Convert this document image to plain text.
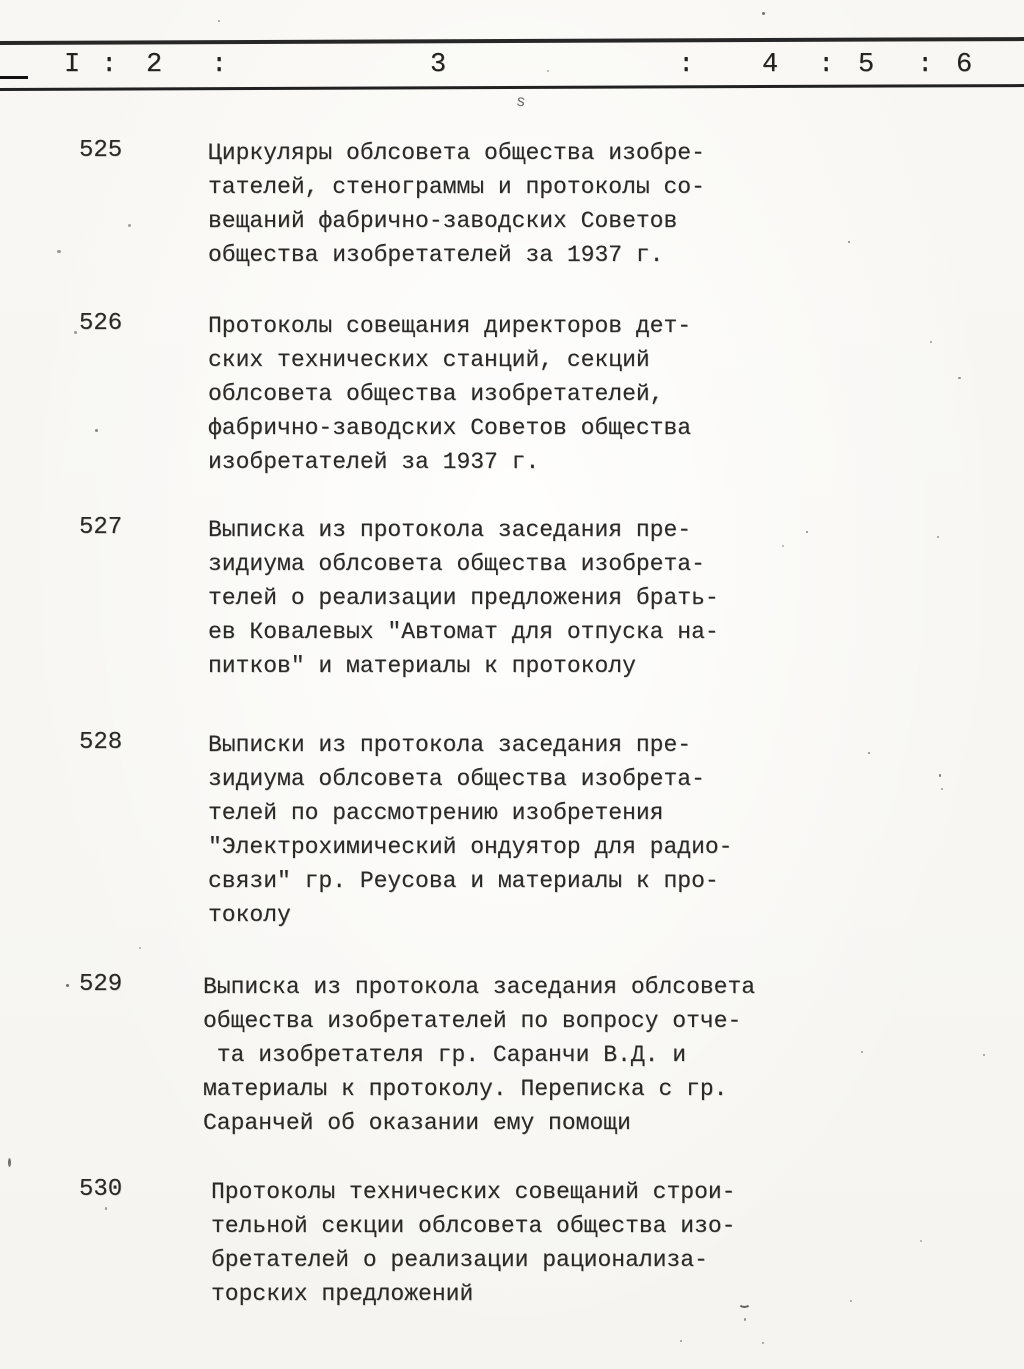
I : 2 :	3	:	4 : 5 : 6
ѕ
525	Циркуляры облсовета общества изобре-
тателей, стенограммы и протоколы со-
вещаний фабрично-заводских Советов
общества изобретателей за 1937 г.
526	Протоколы совещания директоров дет-
ских технических станций, секций
облсовета общества изобретателей,
фабрично-заводских Советов общества
изобретателей за 1937 г.
527	Выписка из протокола заседания пре-
зидиума облсовета общества изобрета-
телей о реализации предложения брать-
ев Ковалевых "Автомат для отпуска на-
питков" и материалы к протоколу
528	Выписки из протокола заседания пре-
зидиума облсовета общества изобрета-
телей по рассмотрению изобретения
"Электрохимический ондуятор для радио-
связи" гр. Реусова и материалы к про-
токолу
529	Выписка из протокола заседания облсовета
общества изобретателей по вопросу отче-
та изобретателя гр. Саранчи В.Д. и
материалы к протоколу. Переписка с гр.
Саранчей об оказании ему помощи
530	Протоколы технических совещаний строи-
тельной секции облсовета общества изо-
бретателей о реализации рационализа-
торских предложений
